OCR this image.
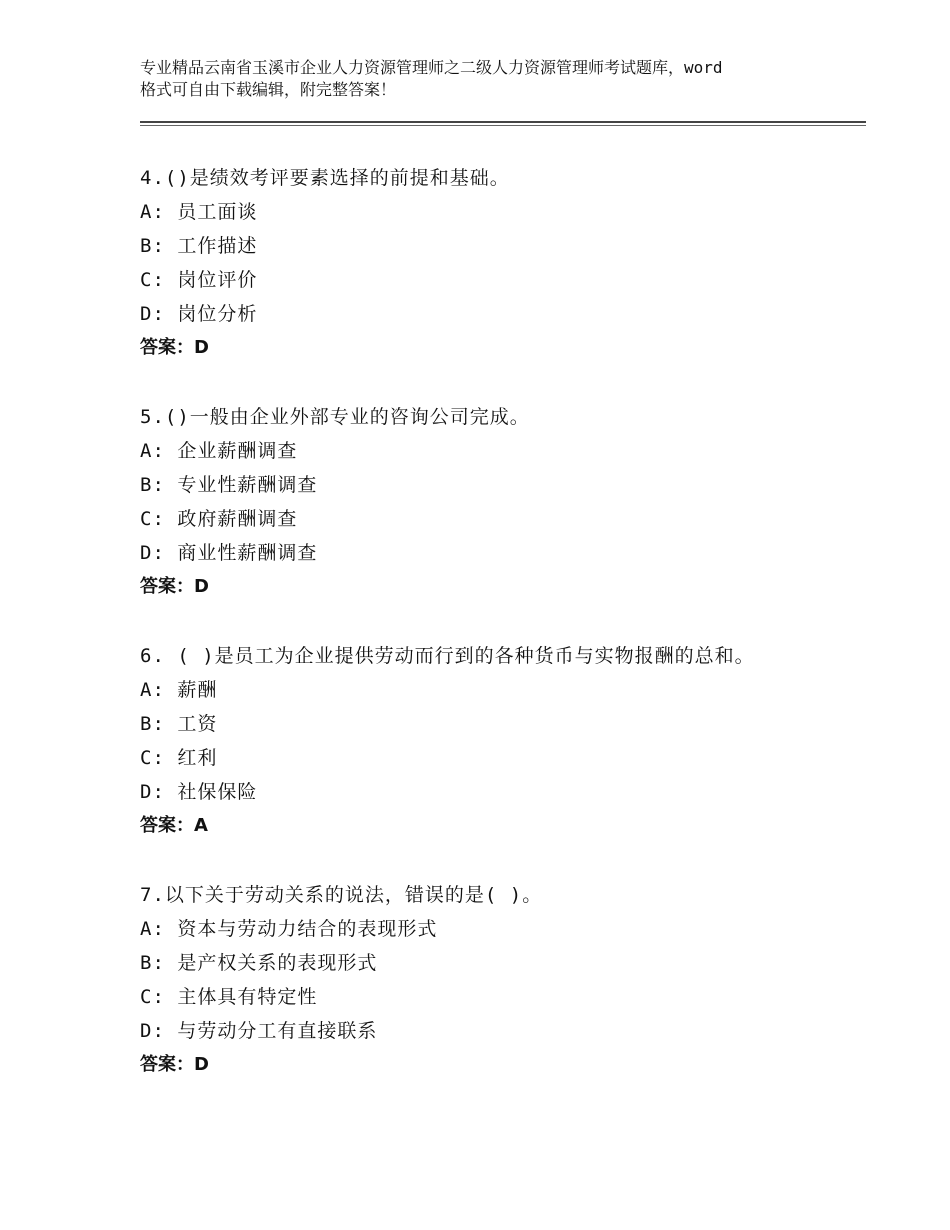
专业精品云南省玉溪市企业人力资源管理师之二级人力资源管理师考试题库，word
格式可自由下载编辑，附完整答案！
4.()是绩效考评要素选择的前提和基础。
A: 员工面谈
B: 工作描述
C: 岗位评价
D: 岗位分析
答案：D
5.()一般由企业外部专业的咨询公司完成。
A: 企业薪酬调查
B: 专业性薪酬调查
C: 政府薪酬调查
D: 商业性薪酬调查
答案：D
6. ( )是员工为企业提供劳动而行到的各种货币与实物报酬的总和。
A: 薪酬
B: 工资
C: 红利
D: 社保保险
答案：A
7.以下关于劳动关系的说法，错误的是( )。
A: 资本与劳动力结合的表现形式
B: 是产权关系的表现形式
C: 主体具有特定性
D: 与劳动分工有直接联系
答案：D
